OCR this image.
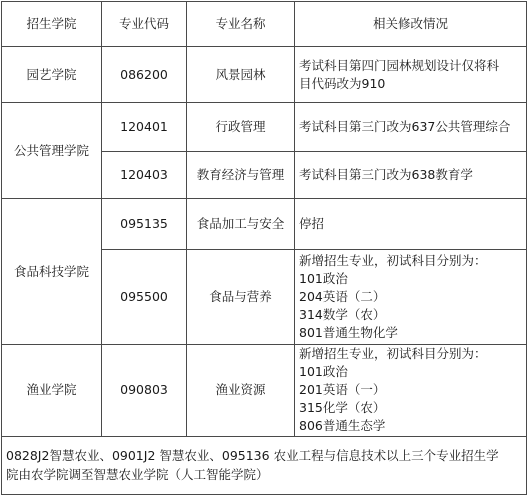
招生学院	专业代码	专业名称	相关修改情况
园艺学院	086200	风景园林	考试科目第四门园林规划设计仅将科
目代码改为910

公共管理学院	120401	行政管理	考试科目第三门改为637公共管理综合

	120403	教育经济与管理	考试科目第三门改为638教育学

食品科技学院	095135	食品加工与安全	停招

	095500	食品与营养	新增招生专业，初试科目分别为：
101政治
204英语（二）
314数学（农）
801普通生物化学

渔业学院	090803	渔业资源	新增招生专业，初试科目分别为：
101政治
201英语（一）
315化学（农）
806普通生态学

0828J2智慧农业、0901J2 智慧农业、095136 农业工程与信息技术以上三个专业招生学
院由农学院调至智慧农业学院（人工智能学院）			
